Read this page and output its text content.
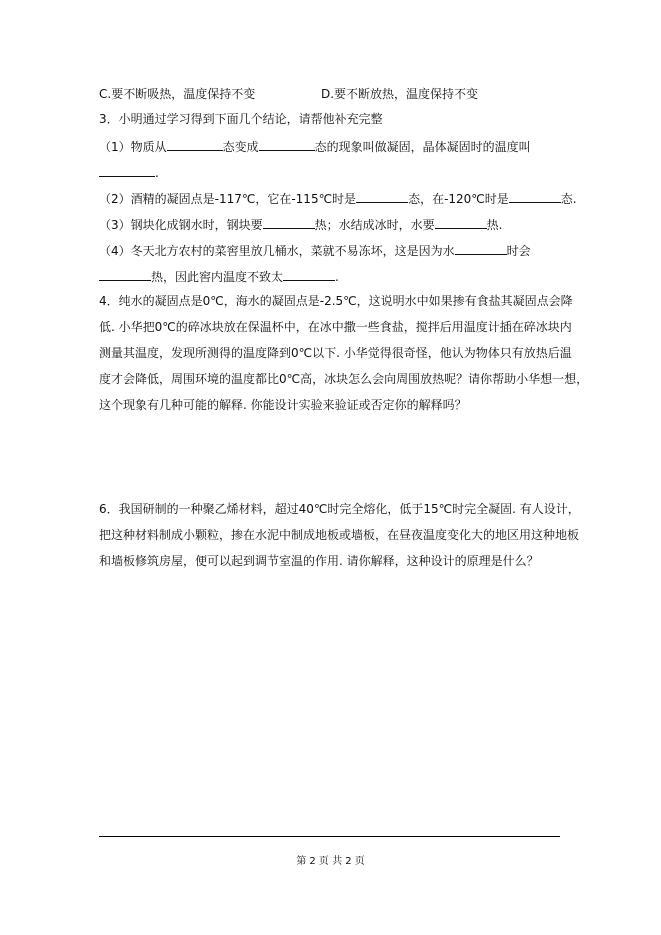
C.要不断吸热，温度保持不变	D.要不断放热，温度保持不变
3．小明通过学习得到下面几个结论，请帮他补充完整
（1）物质从	态变成	态的现象叫做凝固，晶体凝固时的温度叫
.
（2）酒精的凝固点是-117℃，它在-115℃时是	态，在-120℃时是	态.
（3）钢块化成钢水时，钢块要	热；水结成冰时，水要	热.
（4）冬天北方农村的菜窖里放几桶水，菜就不易冻坏，这是因为水	时会
热，因此窖内温度不致太	.
4．纯水的凝固点是0℃，海水的凝固点是-2.5℃，这说明水中如果掺有食盐其凝固点会降
低. 小华把0℃的碎冰块放在保温杯中，在冰中撒一些食盐，搅拌后用温度计插在碎冰块内
测量其温度，发现所测得的温度降到0℃以下. 小华觉得很奇怪，他认为物体只有放热后温
度才会降低，周围环境的温度都比0℃高，冰块怎么会向周围放热呢？请你帮助小华想一想，
这个现象有几种可能的解释. 你能设计实验来验证或否定你的解释吗？
6．我国研制的一种聚乙烯材料，超过40℃时完全熔化，低于15℃时完全凝固. 有人设计，
把这种材料制成小颗粒，掺在水泥中制成地板或墙板，在昼夜温度变化大的地区用这种地板
和墙板修筑房屋，便可以起到调节室温的作用. 请你解释，这种设计的原理是什么？
第 2 页 共 2 页
